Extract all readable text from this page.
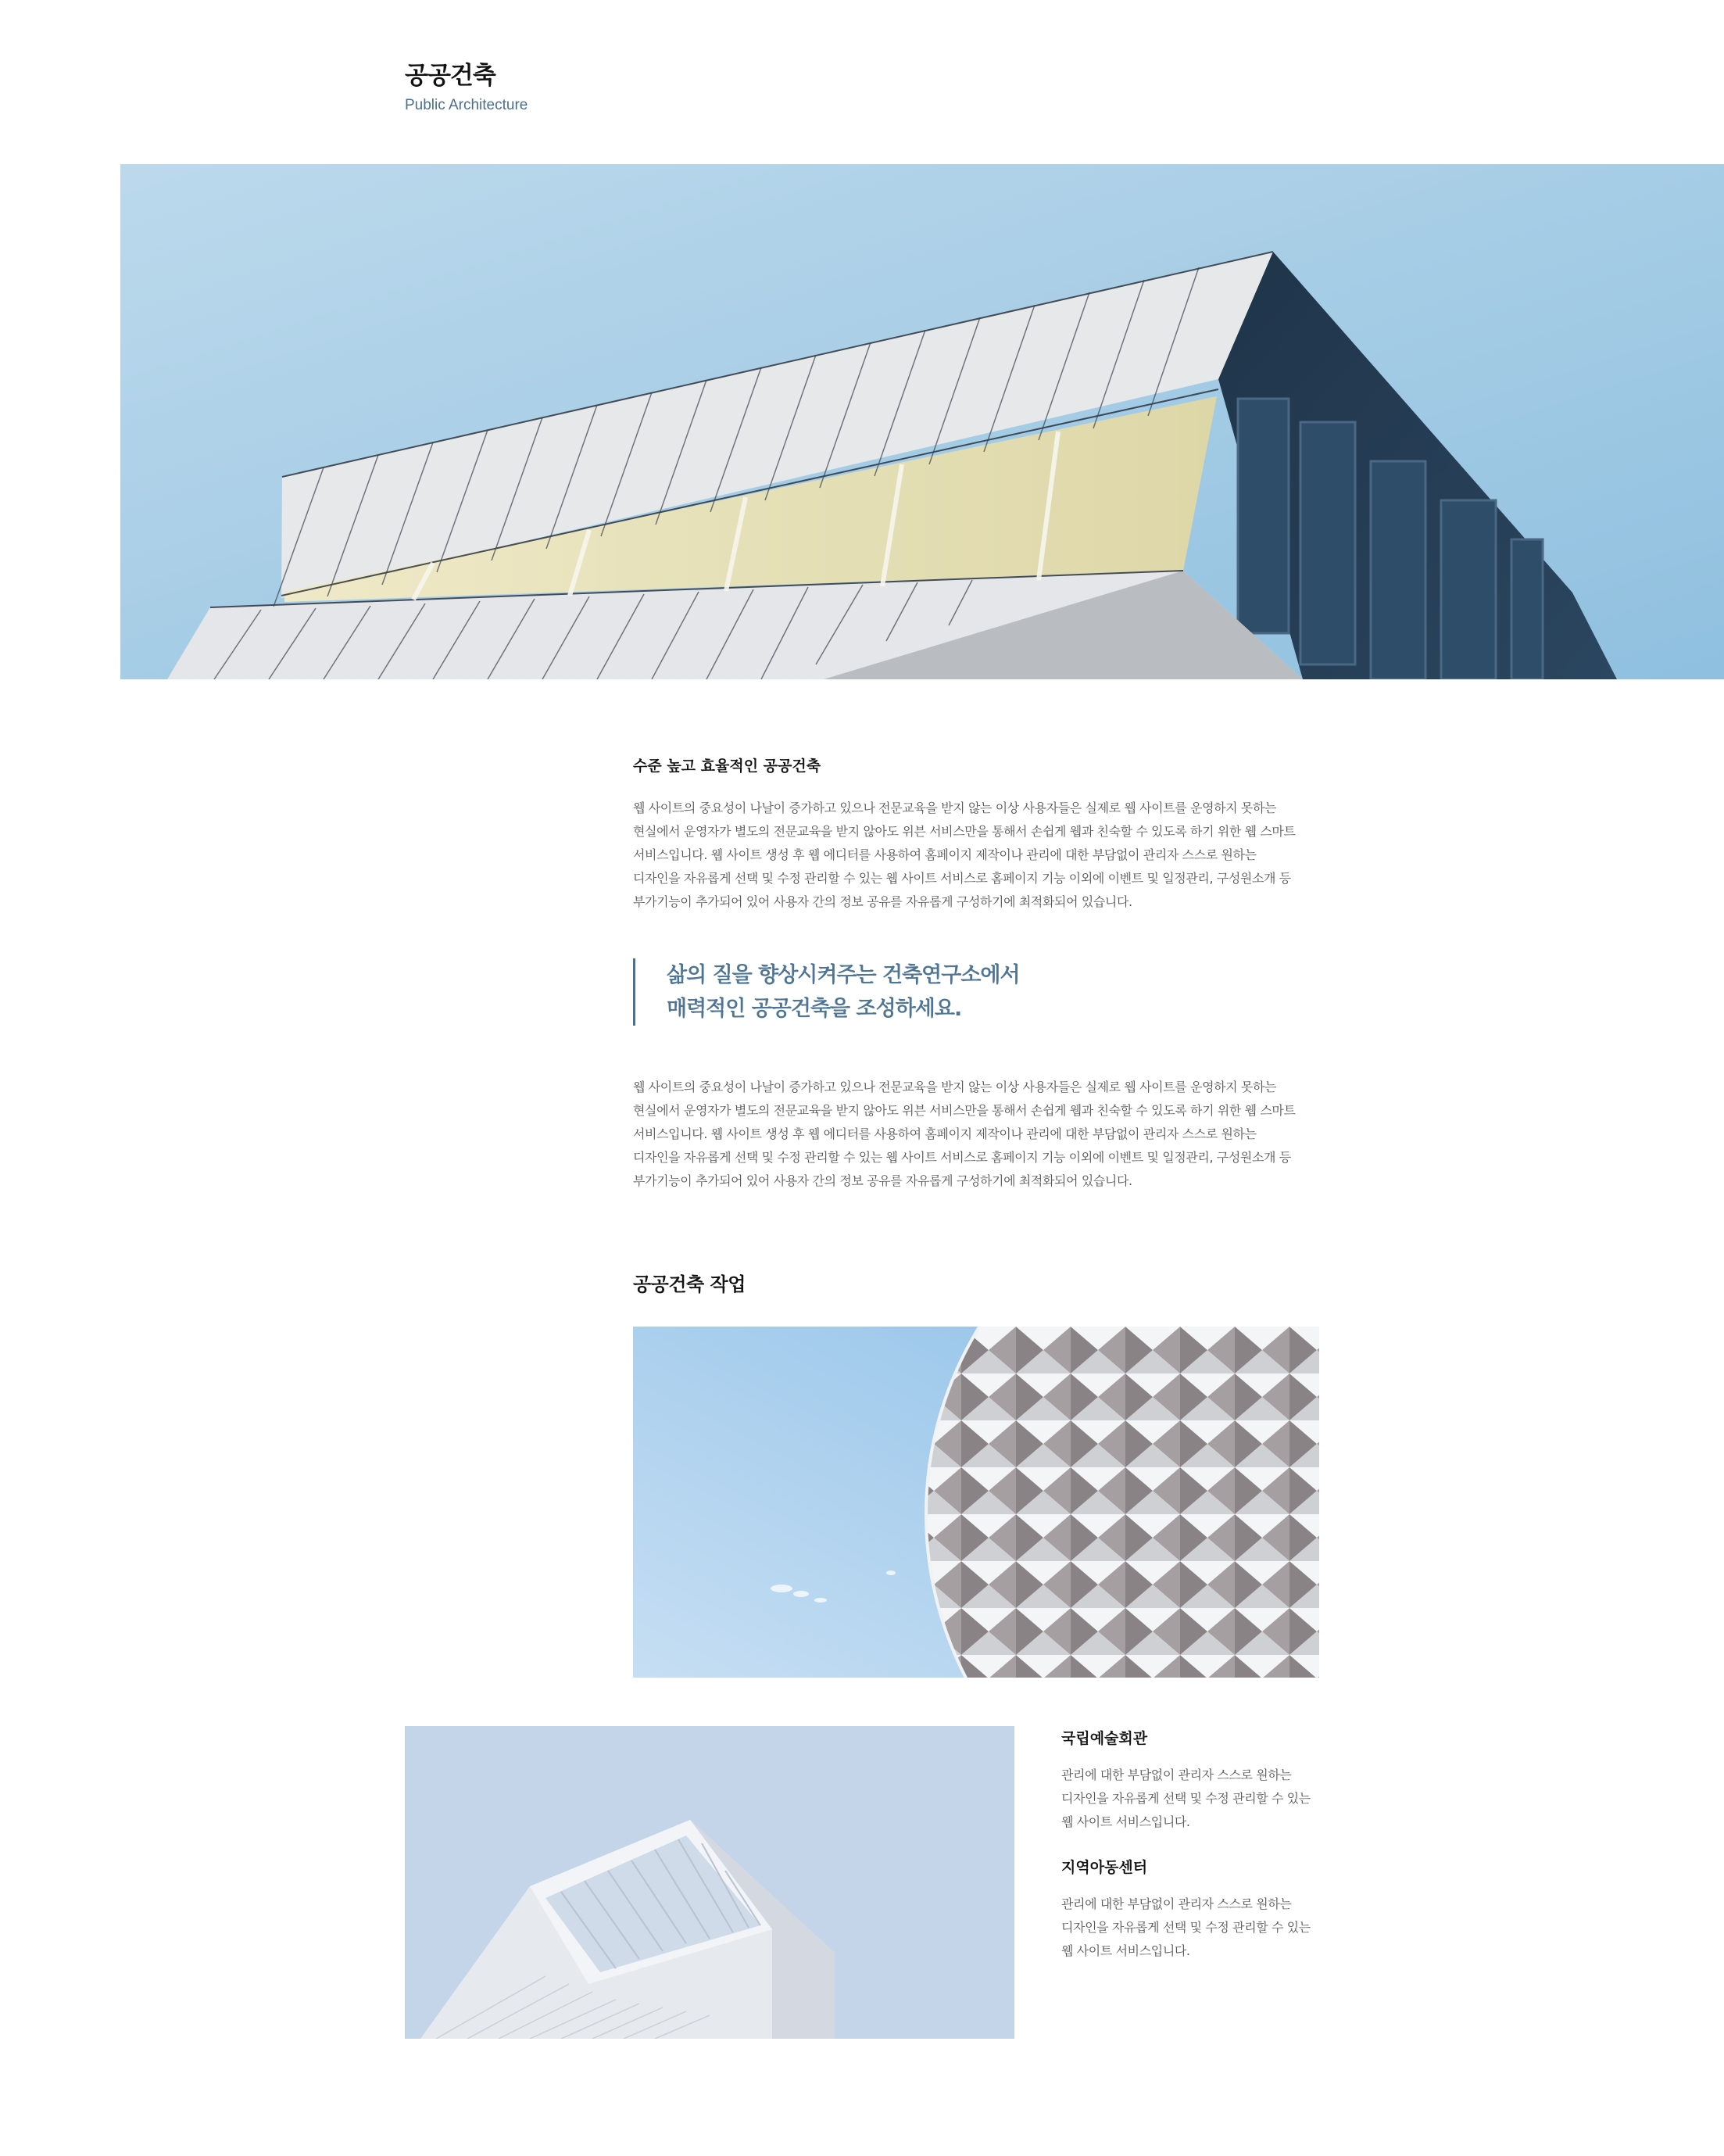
공공건축
Public Architecture
수준 높고 효율적인 공공건축
웹 사이트의 중요성이 나날이 증가하고 있으나 전문교육을 받지 않는 이상 사용자들은 실제로 웹 사이트를 운영하지 못하는
현실에서 운영자가 별도의 전문교육을 받지 않아도 위븐 서비스만을 통해서 손쉽게 웹과 친숙할 수 있도록 하기 위한 웹 스마트
서비스입니다. 웹 사이트 생성 후 웹 에디터를 사용하여 홈페이지 제작이나 관리에 대한 부담없이 관리자 스스로 원하는
디자인을 자유롭게 선택 및 수정 관리할 수 있는 웹 사이트 서비스로 홈페이지 기능 이외에 이벤트 및 일정관리, 구성원소개 등
부가기능이 추가되어 있어 사용자 간의 정보 공유를 자유롭게 구성하기에 최적화되어 있습니다.
삶의 질을 향상시켜주는 건축연구소에서
매력적인 공공건축을 조성하세요.
웹 사이트의 중요성이 나날이 증가하고 있으나 전문교육을 받지 않는 이상 사용자들은 실제로 웹 사이트를 운영하지 못하는
현실에서 운영자가 별도의 전문교육을 받지 않아도 위븐 서비스만을 통해서 손쉽게 웹과 친숙할 수 있도록 하기 위한 웹 스마트
서비스입니다. 웹 사이트 생성 후 웹 에디터를 사용하여 홈페이지 제작이나 관리에 대한 부담없이 관리자 스스로 원하는
디자인을 자유롭게 선택 및 수정 관리할 수 있는 웹 사이트 서비스로 홈페이지 기능 이외에 이벤트 및 일정관리, 구성원소개 등
부가기능이 추가되어 있어 사용자 간의 정보 공유를 자유롭게 구성하기에 최적화되어 있습니다.
공공건축 작업
국립예술회관
관리에 대한 부담없이 관리자 스스로 원하는
디자인을 자유롭게 선택 및 수정 관리할 수 있는
웹 사이트 서비스입니다.
지역아동센터
관리에 대한 부담없이 관리자 스스로 원하는
디자인을 자유롭게 선택 및 수정 관리할 수 있는
웹 사이트 서비스입니다.
